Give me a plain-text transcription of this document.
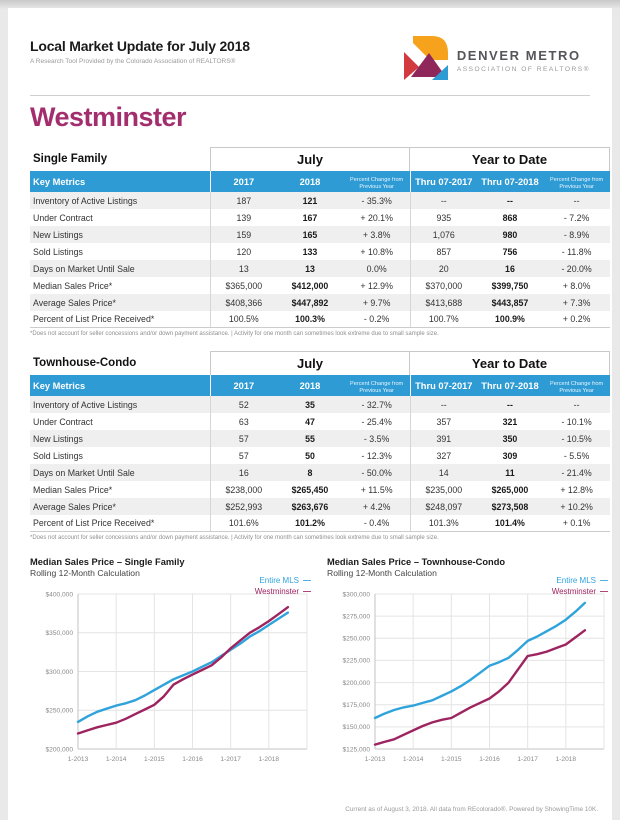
Local Market Update for July 2018
A Research Tool Provided by the Colorado Association of REALTORS®	DENVER METRO
ASSOCIATION OF REALTORS®
Westminster
Single Family	July	Year to Date
Key Metrics	2017	2018	Percent Change from Previous Year	Thru 07-2017 Thru 07-2018	Percent Change from Previous Year
Inventory of Active Listings	187	121	- 35.3%	--	--	--
Under Contract	139	167	+ 20.1%	935	868	- 7.2%
New Listings	159	165	+ 3.8%	1,076	980	- 8.9%
Sold Listings	120	133	+ 10.8%	857	756	- 11.8%
Days on Market Until Sale	13	13	0.0%	20	16	- 20.0%
Median Sales Price*	$365,000	$412,000	+ 12.9%	$370,000	$399,750	+ 8.0%
Average Sales Price*	$408,366	$447,892	+ 9.7%	$413,688	$443,857	+ 7.3%
Percent of List Price Received*	100.5%	100.3%	- 0.2%	100.7%	100.9%	+ 0.2%
*Does not account for seller concessions and/or down payment assistance. | Activity for one month can sometimes look extreme due to small sample size.
Townhouse-Condo	July	Year to Date
Key Metrics	2017	2018	Percent Change from Previous Year	Thru 07-2017 Thru 07-2018	Percent Change from Previous Year
Inventory of Active Listings	52	35	- 32.7%	--	--	--
Under Contract	63	47	- 25.4%	357	321	- 10.1%
New Listings	57	55	- 3.5%	391	350	- 10.5%
Sold Listings	57	50	- 12.3%	327	309	- 5.5%
Days on Market Until Sale	16	8	- 50.0%	14	11	- 21.4%
Median Sales Price*	$238,000	$265,450	+ 11.5%	$235,000	$265,000	+ 12.8%
Average Sales Price*	$252,993	$263,676	+ 4.2%	$248,097	$273,508	+ 10.2%
Percent of List Price Received*	101.6%	101.2%	- 0.4%	101.3%	101.4%	+ 0.1%
*Does not account for seller concessions and/or down payment assistance. | Activity for one month can sometimes look extreme due to small sample size.
Median Sales Price – Single Family
Rolling 12-Month Calculation
Entire MLS —
Westminster —
$200,000
$250,000
$300,000
$350,000
$400,000
1-2013	1-2014	1-2015	1-2016	1-2017	1-2018
Median Sales Price – Townhouse-Condo
Rolling 12-Month Calculation
Entire MLS —
Westminster —
$125,000
$150,000
$175,000
$200,000
$225,000
$250,000
$275,000
$300,000
1-2013	1-2014	1-2015	1-2016	1-2017	1-2018
Current as of August 3, 2018. All data from REcolorado®. Powered by ShowingTime 10K.
